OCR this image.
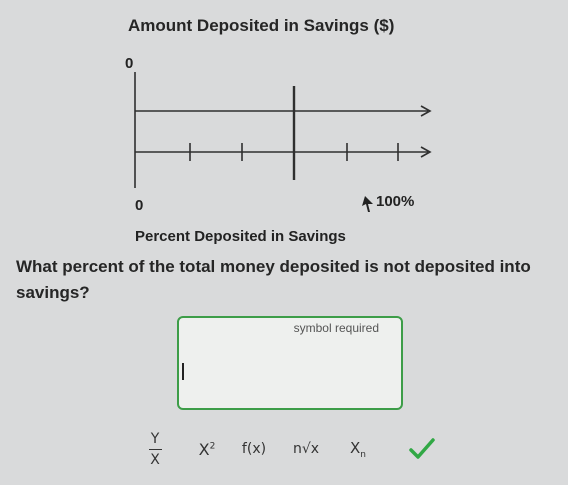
Amount Deposited in Savings ($)
0
0	100%
Percent Deposited in Savings
What percent of the total money deposited is not deposited into savings?
symbol required
$\frac{Y}{X} X^2$ f(x) n√x $X_n$
